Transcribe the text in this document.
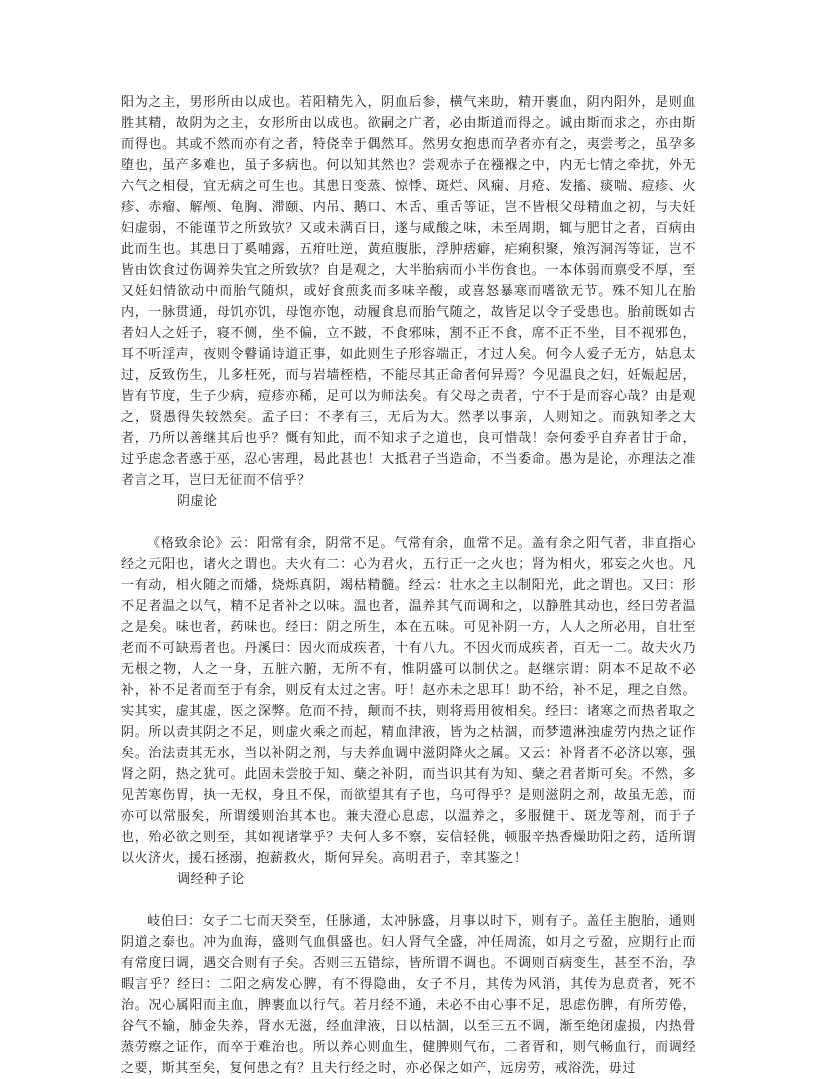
阳为之主，男形所由以成也。若阳精先入，阴血后参，横气来助，精开裹血，阴内阳外，是则血胜其精，故阴为之主，女形所由以成也。欲嗣之广者，必由斯道而得之。诚由斯而求之，亦由斯而得也。其或不然而亦有之者，特侥幸于偶然耳。然男女抱患而孕者亦有之，夷尝考之，虽孕多堕也，虽产多难也，虽子多病也。何以知其然也？尝观赤子在襁褓之中，内无七情之牵扰，外无六气之相侵，宜无病之可生也。其患日变蒸、惊悸、斑烂、风痫、月疮、发搐、痰喘、痘疹、火疹、赤瘤、解颅、龟胸、滞颐、内吊、鹅口、木舌、重舌等证，岂不皆根父母精血之初，与夫妊妇虚弱，不能谨节之所致欤？又或未满百日，遂与咸酸之味，未至周期，辄与肥甘之者，百病由此而生也。其患日丁奚哺露，五疳吐逆，黄疸腹胀，浮肿痞癖，疟痢积聚，飧泻洞泻等证，岂不皆由饮食过伤调养失宜之所致欤？自是观之，大半胎病而小半伤食也。一本体弱而禀受不厚，至又妊妇情欲动中而胎气随炽，或好食煎炙而多味辛酸，或喜怒暴寒而嗜欲无节。殊不知儿在胎内，一脉贯通，母饥亦饥，母饱亦饱，动履食息而胎气随之，故皆足以令子受患也。胎前既如古者妇人之妊子，寝不侧，坐不偏，立不跛，不食邪味，割不正不食，席不正不坐，目不视邪色，耳不听淫声，夜则令瞽诵诗道正事，如此则生子形容端正，才过人矣。何今人爱子无方，姑息太过，反致伤生，儿多枉死，而与岩墙桎梏，不能尽其正命者何异焉？今见温良之妇，妊娠起居，皆有节度，生子少病，痘疹亦稀，足可以为师法矣。有父母之责者，宁不于是而容心哉？由是观之，贤愚得失较然矣。孟子曰：不孝有三，无后为大。然孝以事亲，人则知之。而孰知孝之大者，乃所以善继其后也乎？慨有知此，而不知求子之道也，良可惜哉！奈何委乎自弃者甘于命，过乎虑念者惑于巫，忍心害理，曷此甚也！大抵君子当造命，不当委命。愚为是论，亦理法之准者言之耳，岂曰无征而不信乎？

阴虚论

《格致余论》云：阳常有余，阴常不足。气常有余，血常不足。盖有余之阳气者，非直指心经之元阳也，诸火之谓也。夫火有二：心为君火，五行正一之火也；肾为相火，邪妄之火也。凡一有动，相火随之而燔，烧烁真阴，竭枯精髓。经云：壮水之主以制阳光，此之谓也。又曰：形不足者温之以气，精不足者补之以味。温也者，温养其气而调和之，以静胜其动也，经曰劳者温之是矣。味也者，药味也。经曰：阴之所生，本在五味。可见补阴一方，人人之所必用，自壮至老而不可缺焉者也。丹溪曰：因火而成疾者，十有八九。不因火而成疾者，百无一二。故夫火乃无根之物，人之一身，五脏六腑，无所不有，惟阴盛可以制伏之。赵继宗谓：阴本不足故不必补，补不足者而至于有余，则反有太过之害。吁！赵亦未之思耳！助不给，补不足，理之自然。实其实，虚其虚，医之深弊。危而不持，颠而不扶，则将焉用彼相矣。经曰：诸寒之而热者取之阴。所以责其阴之不足，则虚火乘之而起，精血津液，皆为之枯涸，而梦遗淋浊虚劳内热之证作矣。治法责其无水，当以补阴之剂，与夫养血调中滋阴降火之属。又云：补肾者不必济以寒，强肾之阴，热之犹可。此固未尝胶于知、蘖之补阴，而当识其有为知、蘖之君者斯可矣。不然，多见苦寒伤胃，执一无权，身且不保，而欲望其有子也，乌可得乎？是则滋阴之剂，故虽无恙，而亦可以常服矣，所谓缓则治其本也。兼夫澄心息虑，以温养之，多服健干、斑龙等剂，而于子也，殆必欲之则至，其如视诸掌乎？夫何人多不察，妄信轻佻，顿服辛热香燥助阳之药，适所谓以火济火，援石拯溺，抱薪救火，斯何异矣。高明君子，幸其鉴之！

调经种子论

岐伯曰：女子二七而天癸至，任脉通，太冲脉盛，月事以时下，则有子。盖任主胞胎，通则阴道之泰也。冲为血海，盛则气血俱盛也。妇人肾气全盛，冲任周流，如月之亏盈，应期行止而有常度曰调，遇交合则有子矣。否则三五错综，皆所谓不调也。不调则百病变生，甚至不治，孕暇言乎？经曰：二阳之病发心脾，有不得隐曲，女子不月，其传为风消，其传为息贲者，死不治。况心属阳而主血，脾裹血以行气。若月经不通，未必不由心事不足，思虑伤脾，有所劳倦，谷气不输，肺金失养，肾水无滋，经血津液，日以枯涸，以至三五不调，渐至绝闭虚损，内热骨蒸劳瘵之证作，而卒于难治也。所以养心则血生，健脾则气布，二者胥和，则气畅血行，而调经之要，斯其至矣，复何患之有？且夫行经之时，亦必保之如产，远房劳，戒浴洗，毋过
